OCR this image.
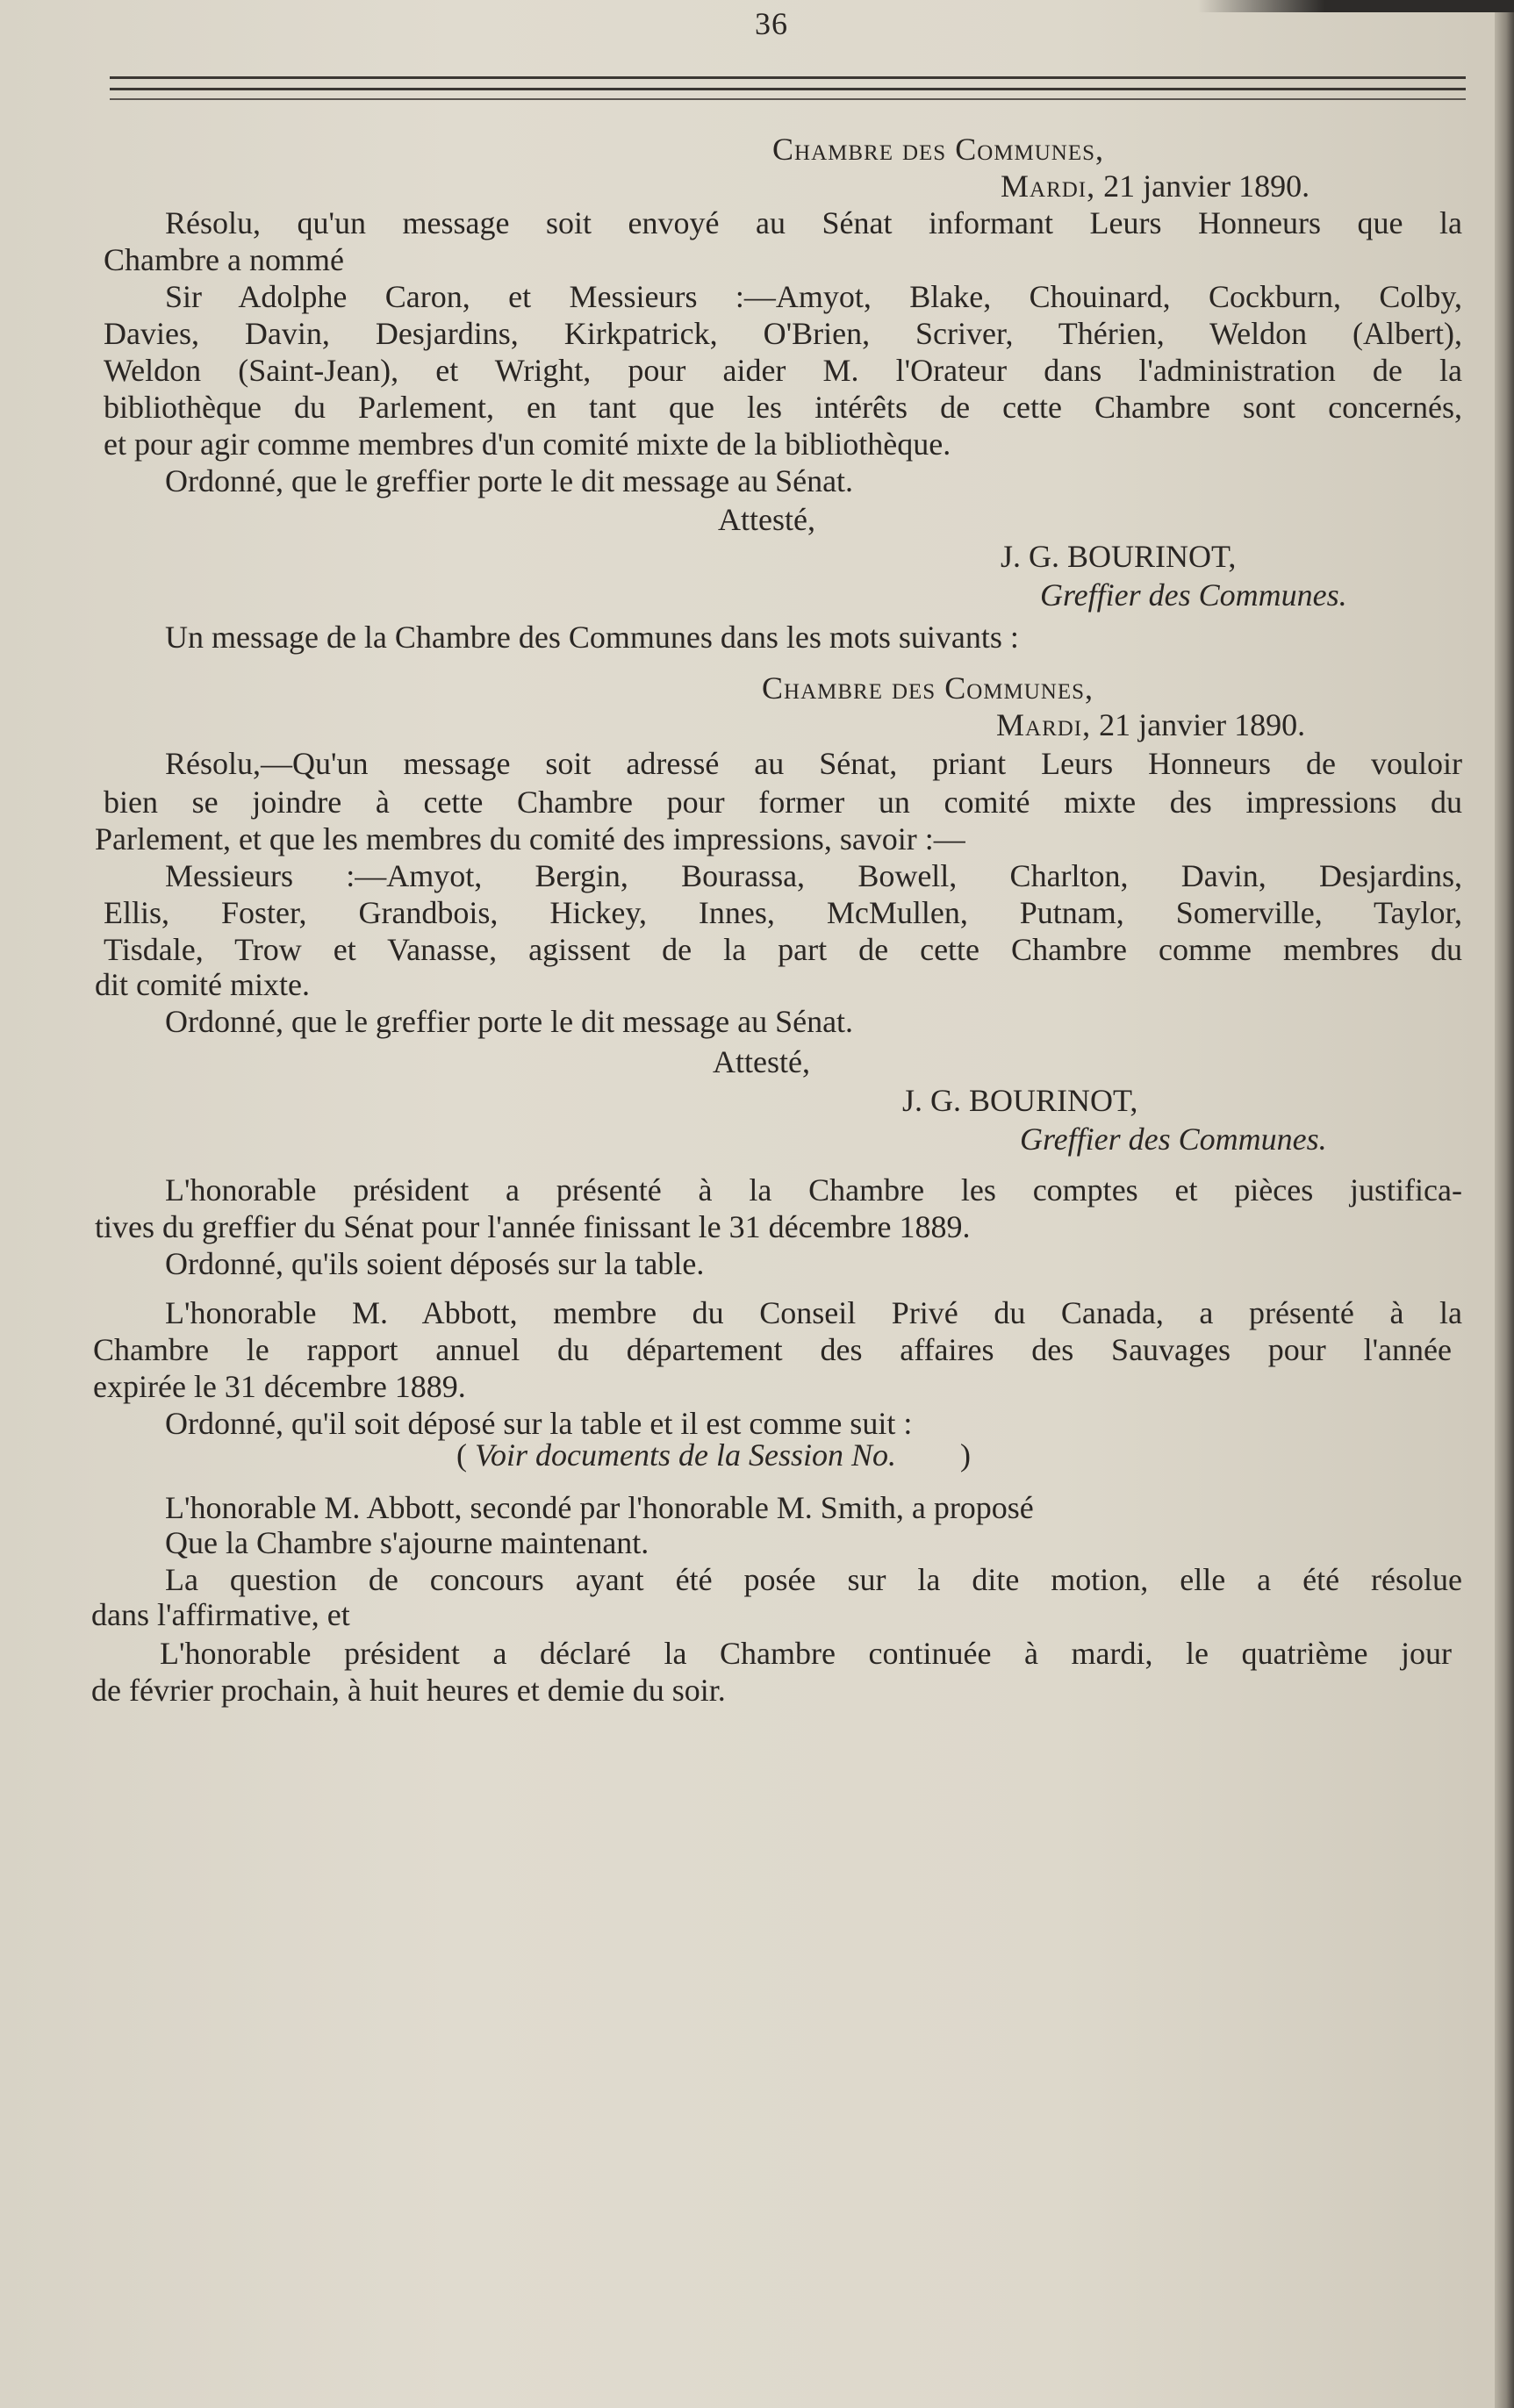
36
Chambre des Communes,
Mardi, 21 janvier 1890.
Résolu, qu'un message soit envoyé au Sénat informant Leurs Honneurs que la
Chambre a nommé
Sir Adolphe Caron, et Messieurs :—Amyot, Blake, Chouinard, Cockburn, Colby,
Davies, Davin, Desjardins, Kirkpatrick, O'Brien, Scriver, Thérien, Weldon (Albert),
Weldon (Saint-Jean), et Wright, pour aider M. l'Orateur dans l'administration de la
bibliothèque du Parlement, en tant que les intérêts de cette Chambre sont concernés,
et pour agir comme membres d'un comité mixte de la bibliothèque.
Ordonné, que le greffier porte le dit message au Sénat.
Attesté,
J. G. BOURINOT,
Greffier des Communes.
Un message de la Chambre des Communes dans les mots suivants :
Chambre des Communes,
Mardi, 21 janvier 1890.
Résolu,—Qu'un message soit adressé au Sénat, priant Leurs Honneurs de vouloir
bien se joindre à cette Chambre pour former un comité mixte des impressions du
Parlement, et que les membres du comité des impressions, savoir :—
Messieurs :—Amyot, Bergin, Bourassa, Bowell, Charlton, Davin, Desjardins,
Ellis, Foster, Grandbois, Hickey, Innes, McMullen, Putnam, Somerville, Taylor,
Tisdale, Trow et Vanasse, agissent de la part de cette Chambre comme membres du
dit comité mixte.
Ordonné, que le greffier porte le dit message au Sénat.
Attesté,
J. G. BOURINOT,
Greffier des Communes.
L'honorable président a présenté à la Chambre les comptes et pièces justifica-
tives du greffier du Sénat pour l'année finissant le 31 décembre 1889.
Ordonné, qu'ils soient déposés sur la table.
L'honorable M. Abbott, membre du Conseil Privé du Canada, a présenté à la
Chambre le rapport annuel du département des affaires des Sauvages pour l'année
expirée le 31 décembre 1889.
Ordonné, qu'il soit déposé sur la table et il est comme suit :
( Voir documents de la Session No. )
L'honorable M. Abbott, secondé par l'honorable M. Smith, a proposé
Que la Chambre s'ajourne maintenant.
La question de concours ayant été posée sur la dite motion, elle a été résolue
dans l'affirmative, et
L'honorable président a déclaré la Chambre continuée à mardi, le quatrième jour
de février prochain, à huit heures et demie du soir.
